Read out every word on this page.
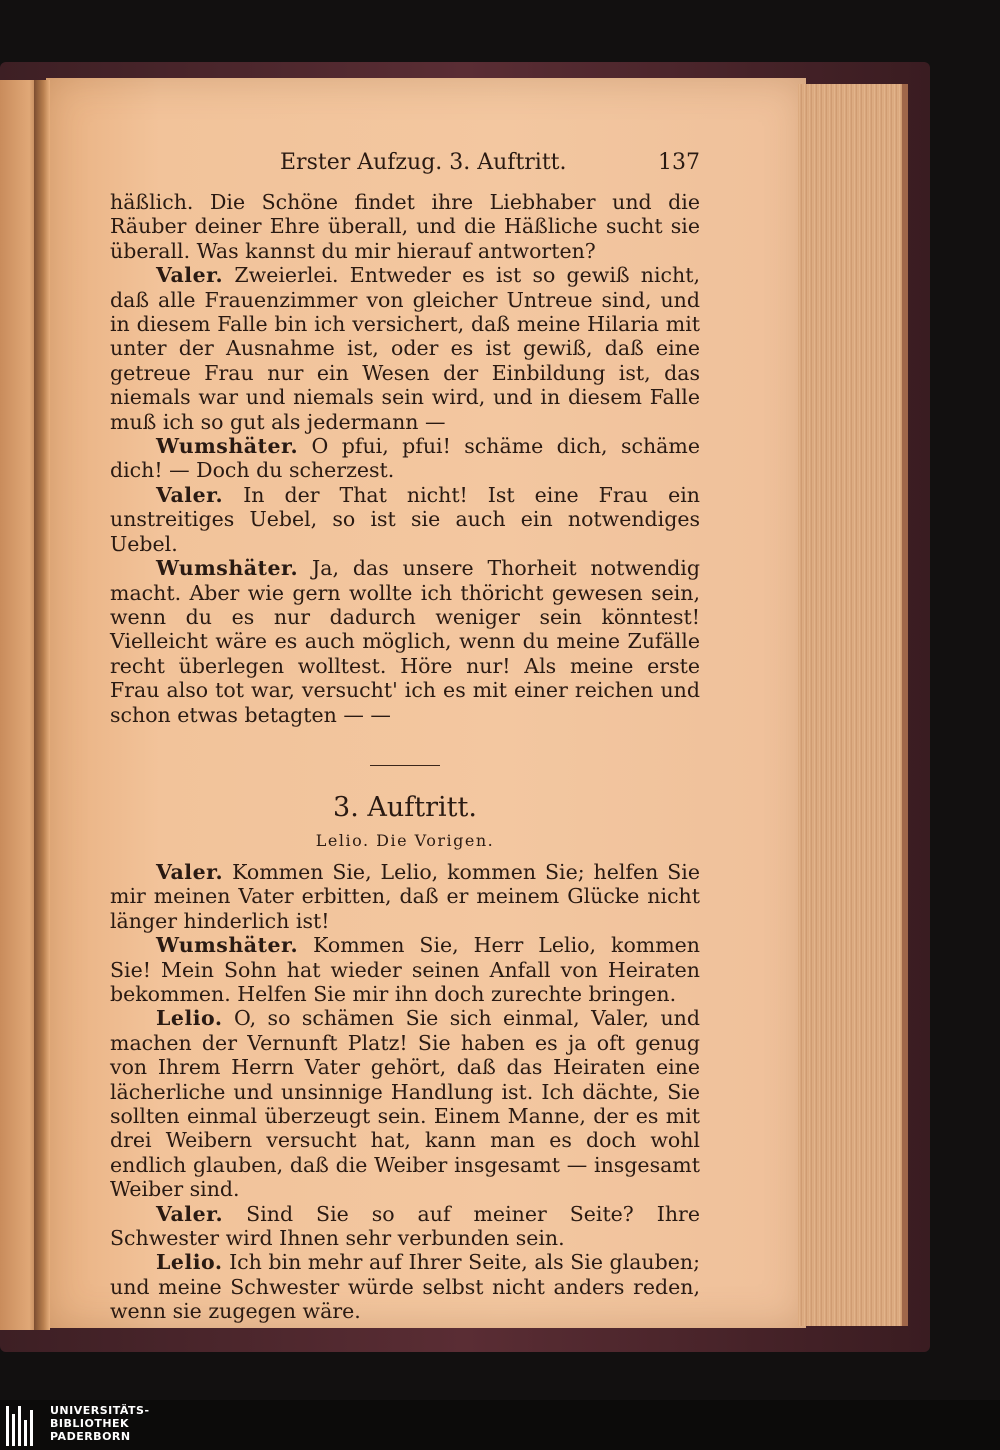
Erster Aufzug. 3. Auftritt.	137

häßlich. Die Schöne findet ihre Liebhaber und die Räuber deiner Ehre überall, und die Häßliche sucht sie überall. Was kannst du mir hierauf antworten?

Valer. Zweierlei. Entweder es ist so gewiß nicht, daß alle Frauenzimmer von gleicher Untreue sind, und in diesem Falle bin ich versichert, daß meine Hilaria mit unter der Ausnahme ist, oder es ist gewiß, daß eine getreue Frau nur ein Wesen der Einbildung ist, das niemals war und niemals sein wird, und in diesem Falle muß ich so gut als jedermann —

Wumshäter. O pfui, pfui! schäme dich, schäme dich! — Doch du scherzest.

Valer. In der That nicht! Ist eine Frau ein unstreitiges Uebel, so ist sie auch ein notwendiges Uebel.

Wumshäter. Ja, das unsere Thorheit notwendig macht. Aber wie gern wollte ich thöricht gewesen sein, wenn du es nur dadurch weniger sein könntest! Vielleicht wäre es auch möglich, wenn du meine Zufälle recht überlegen wolltest. Höre nur! Als meine erste Frau also tot war, versucht' ich es mit einer reichen und schon etwas betagten — —

3. Auftritt.
Lelio. Die Vorigen.

Valer. Kommen Sie, Lelio, kommen Sie; helfen Sie mir meinen Vater erbitten, daß er meinem Glücke nicht länger hinderlich ist!

Wumshäter. Kommen Sie, Herr Lelio, kommen Sie! Mein Sohn hat wieder seinen Anfall von Heiraten bekommen. Helfen Sie mir ihn doch zurechte bringen.

Lelio. O, so schämen Sie sich einmal, Valer, und machen der Vernunft Platz! Sie haben es ja oft genug von Ihrem Herrn Vater gehört, daß das Heiraten eine lächerliche und unsinnige Handlung ist. Ich dächte, Sie sollten einmal überzeugt sein. Einem Manne, der es mit drei Weibern versucht hat, kann man es doch wohl endlich glauben, daß die Weiber insgesamt — insgesamt Weiber sind.

Valer. Sind Sie so auf meiner Seite? Ihre Schwester wird Ihnen sehr verbunden sein.

Lelio. Ich bin mehr auf Ihrer Seite, als Sie glauben; und meine Schwester würde selbst nicht anders reden, wenn sie zugegen wäre.

UNIVERSITÄTS-
BIBLIOTHEK
PADERBORN
